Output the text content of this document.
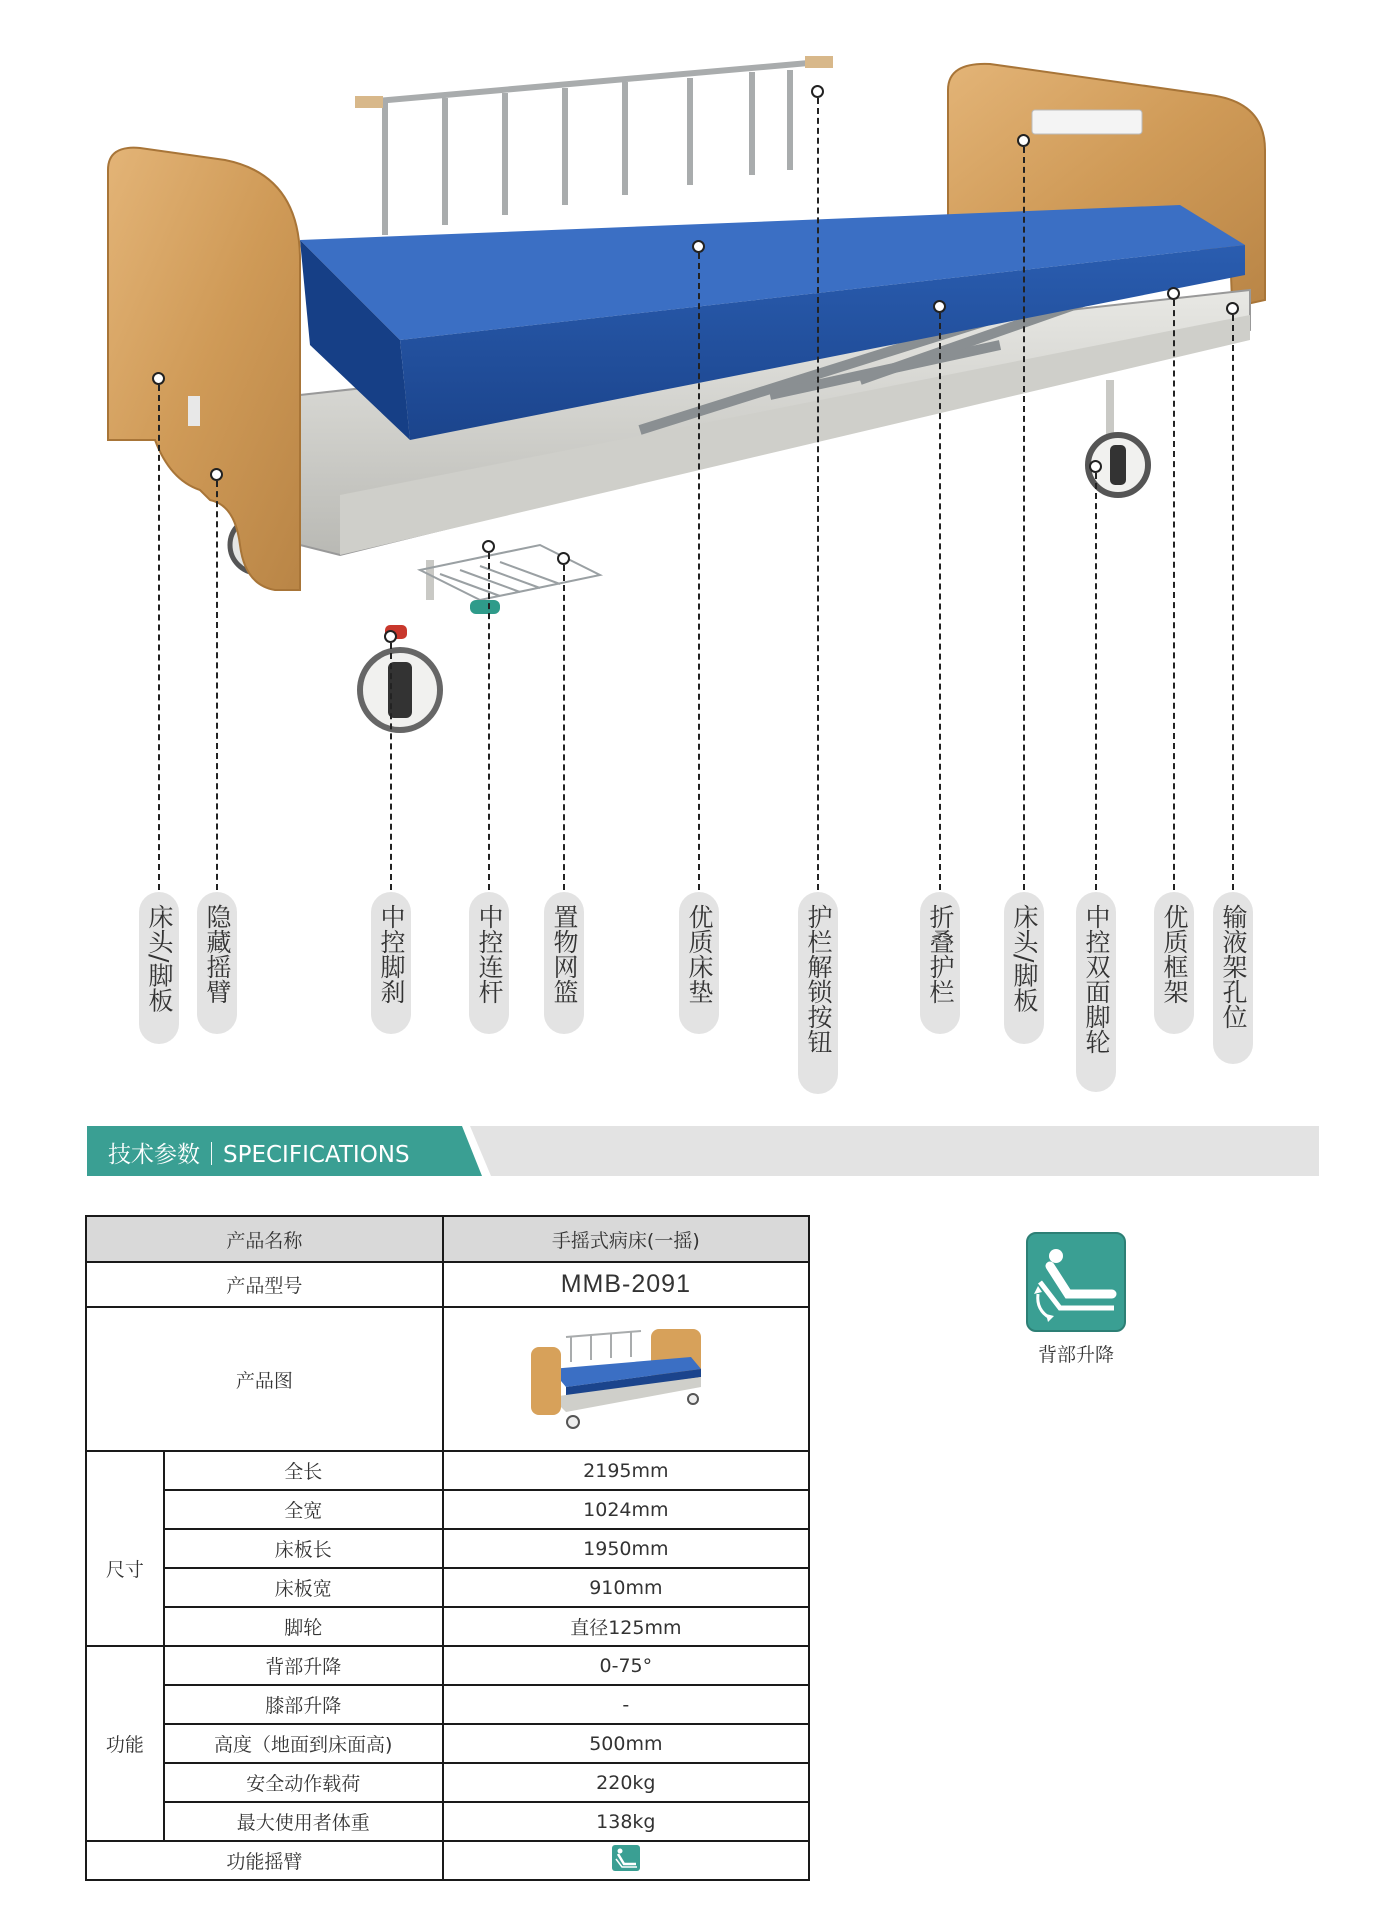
床头/脚板 隐藏摇臂	中控脚刹	中控连杆 置物网篮	优质床垫	护栏解锁按钮	折叠护栏 床头/脚板 中控双面脚轮 优质框架 输液架孔位
技术参数｜SPECIFICATIONS
产品名称		手摇式病床(一摇)
产品型号		MMB-2091
产品图	
尺寸	全长	2195mm
	全宽	1024mm
	床板长	1950mm
	床板宽	910mm
	脚轮	直径125mm
功能	背部升降	0-75°
	膝部升降	-
	高度（地面到床面高)	500mm
	安全动作载荷	220kg
	最大使用者体重	138kg
功能摇臂	
背部升降
